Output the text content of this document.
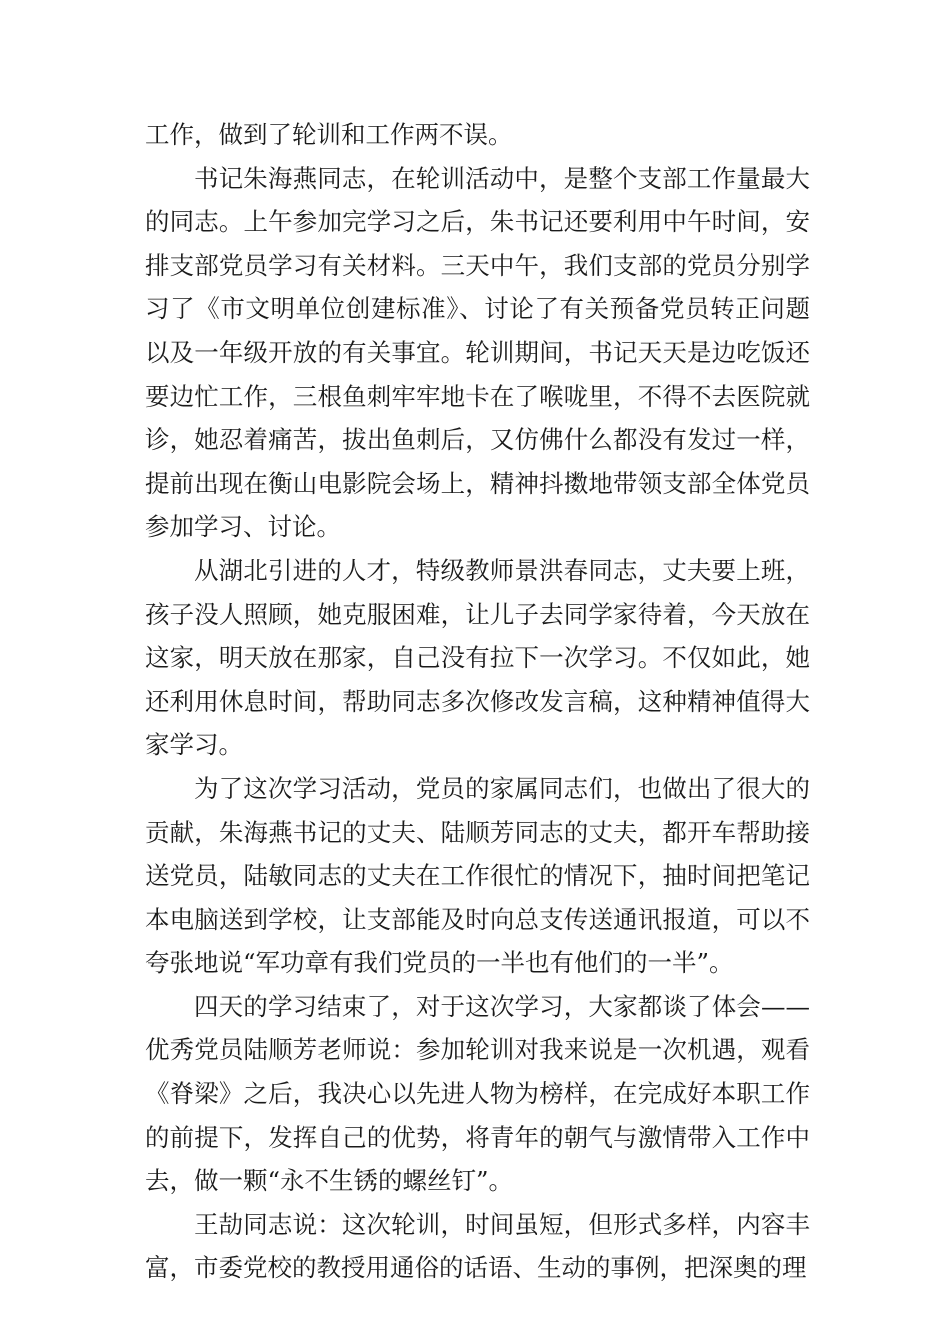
工作，做到了轮训和工作两不误。

书记朱海燕同志，在轮训活动中，是整个支部工作量最大的同志。上午参加完学习之后，朱书记还要利用中午时间，安排支部党员学习有关材料。三天中午，我们支部的党员分别学习了《市文明单位创建标准》、讨论了有关预备党员转正问题以及一年级开放的有关事宜。轮训期间，书记天天是边吃饭还要边忙工作，三根鱼刺牢牢地卡在了喉咙里，不得不去医院就诊，她忍着痛苦，拔出鱼刺后，又仿佛什么都没有发过一样，提前出现在衡山电影院会场上，精神抖擞地带领支部全体党员参加学习、讨论。

从湖北引进的人才，特级教师景洪春同志，丈夫要上班，孩子没人照顾，她克服困难，让儿子去同学家待着，今天放在这家，明天放在那家，自己没有拉下一次学习。不仅如此，她还利用休息时间，帮助同志多次修改发言稿，这种精神值得大家学习。

为了这次学习活动，党员的家属同志们，也做出了很大的贡献，朱海燕书记的丈夫、陆顺芳同志的丈夫，都开车帮助接送党员，陆敏同志的丈夫在工作很忙的情况下，抽时间把笔记本电脑送到学校，让支部能及时向总支传送通讯报道，可以不夸张地说“军功章有我们党员的一半也有他们的一半”。

四天的学习结束了，对于这次学习，大家都谈了体会—— 优秀党员陆顺芳老师说：参加轮训对我来说是一次机遇，观看《脊梁》之后，我决心以先进人物为榜样，在完成好本职工作的前提下，发挥自己的优势，将青年的朝气与激情带入工作中去，做一颗“永不生锈的螺丝钉”。

王劼同志说：这次轮训，时间虽短，但形式多样，内容丰富，市委党校的教授用通俗的话语、生动的事例，把深奥的理
